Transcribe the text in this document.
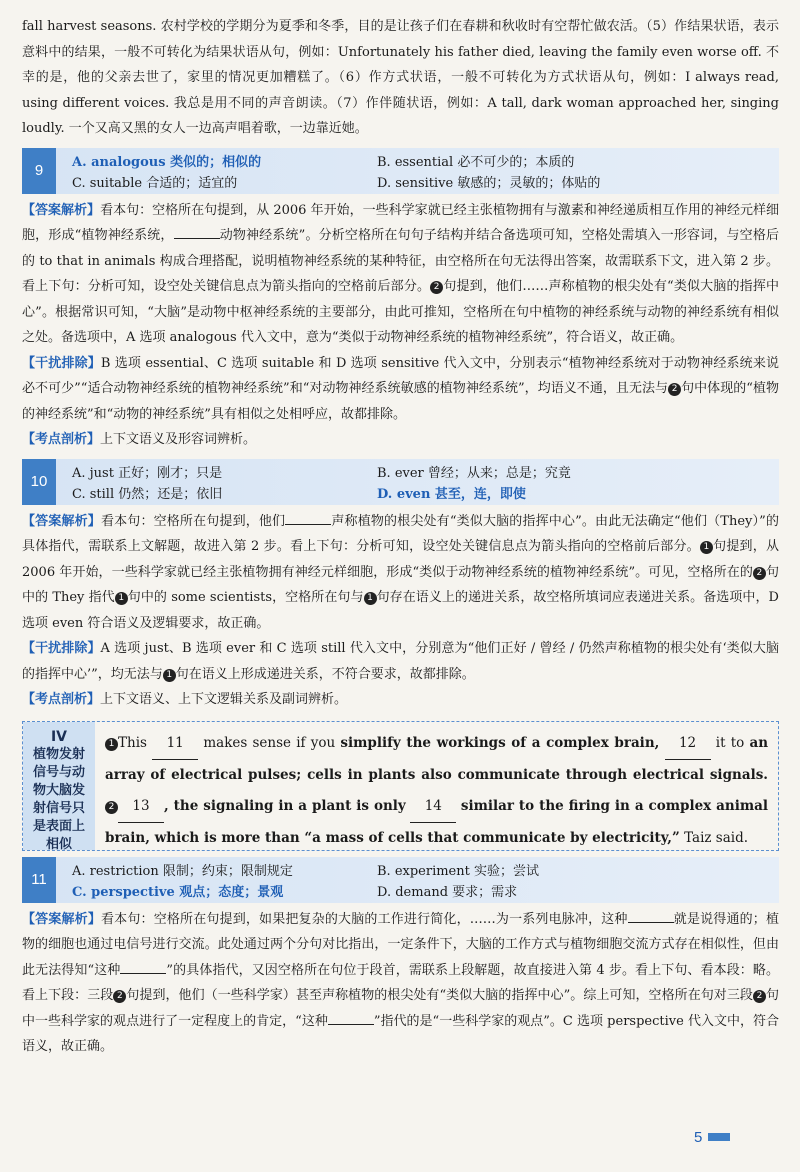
fall harvest seasons. 农村学校的学期分为夏季和冬季，目的是让孩子们在春耕和秋收时有空帮忙做农活。（5）作结果状语，表示意料中的结果，一般不可转化为结果状语从句，例如：Unfortunately his father died, leaving the family even worse off. 不幸的是，他的父亲去世了，家里的情况更加糟糕了。（6）作方式状语，一般不可转化为方式状语从句，例如：I always read, using different voices. 我总是用不同的声音朗读。（7）作伴随状语，例如：A tall, dark woman approached her, singing loudly. 一个又高又黑的女人一边高声唱着歌，一边靠近她。

9	A. analogous 类似的；相似的	B. essential 必不可少的；本质的
C. suitable 合适的；适宜的	D. sensitive 敏感的；灵敏的；体贴的

【答案解析】看本句：空格所在句提到，从 2006 年开始，一些科学家就已经主张植物拥有与激素和神经递质相互作用的神经元样细胞，形成“植物神经系统，	动物神经系统”。分析空格所在句句子结构并结合备选项可知，空格处需填入一形容词，与空格后的 to that in animals 构成合理搭配，说明植物神经系统的某种特征，由空格所在句无法得出答案，故需联系下文，进入第 2 步。看上下句：分析可知，设空处关键信息点为箭头指向的空格前后部分。 2 句提到，他们……声称植物的根尖处有“类似大脑的指挥中心”。根据常识可知，“大脑”是动物中枢神经系统的主要部分，由此可推知，空格所在句中植物的神经系统与动物的神经系统有相似之处。备选项中，A 选项 analogous 代入文中，意为“类似于动物神经系统的植物神经系统”，符合语义，故正确。

【干扰排除】B 选项 essential、C 选项 suitable 和 D 选项 sensitive 代入文中，分别表示“植物神经系统对于动物神经系统来说必不可少”“适合动物神经系统的植物神经系统”和“对动物神经系统敏感的植物神经系统”，均语义不通，且无法与 2 句中体现的“植物的神经系统”和“动物的神经系统”具有相似之处相呼应，故都排除。

【考点剖析】上下文语义及形容词辨析。

10	A. just 正好；刚才；只是	B. ever 曾经；从来；总是；究竟
C. still 仍然；还是；依旧	D. even 甚至，连，即使

【答案解析】看本句：空格所在句提到，他们	声称植物的根尖处有“类似大脑的指挥中心”。由此无法确定“他们（They）”的具体指代，需联系上文解题，故进入第 2 步。看上下句：分析可知，设空处关键信息点为箭头指向的空格前后部分。 1 句提到，从 2006 年开始，一些科学家就已经主张植物拥有神经元样细胞，形成“类似于动物神经系统的植物神经系统”。可见，空格所在的 2 句中的 They 指代 1 句中的 some scientists，空格所在句与 1 句存在语义上的递进关系，故空格所填词应表递进关系。备选项中，D 选项 even 符合语义及逻辑要求，故正确。

【干扰排除】A 选项 just、B 选项 ever 和 C 选项 still 代入文中，分别意为“他们正好 / 曾经 / 仍然声称植物的根尖处有‘类似大脑的指挥中心’”，均无法与 1 句在语义上形成递进关系，不符合要求，故都排除。

【考点剖析】上下文语义、上下文逻辑关系及副词辨析。

IV
植物发射信号与动物大脑发射信号只是表面上相似
1 This 11 makes sense if you simplify the workings of a complex brain, 12 it to an array of electrical pulses; cells in plants also communicate through electrical signals. 2 13 , the signaling in a plant is only 14 similar to the firing in a complex animal brain, which is more than “a mass of cells that communicate by electricity,” Taiz said.
11	A. restriction 限制；约束；限制规定	B. experiment 实验；尝试
C. perspective 观点；态度；景观	D. demand 要求；需求

【答案解析】看本句：空格所在句提到，如果把复杂的大脑的工作进行简化，……为一系列电脉冲，这种	就是说得通的；植物的细胞也通过电信号进行交流。此处通过两个分句对比指出，一定条件下，大脑的工作方式与植物细胞交流方式存在相似性，但由此无法得知“这种	”的具体指代，又因空格所在句位于段首，需联系上段解题，故直接进入第 4 步。看上下句、看本段：略。看上下段：三段 2 句提到，他们（一些科学家）甚至声称植物的根尖处有“类似大脑的指挥中心”。综上可知，空格所在句对三段 2 句中一些科学家的观点进行了一定程度上的肯定，“这种	”指代的是“一些科学家的观点”。C 选项 perspective 代入文中，符合语义，故正确。

5
